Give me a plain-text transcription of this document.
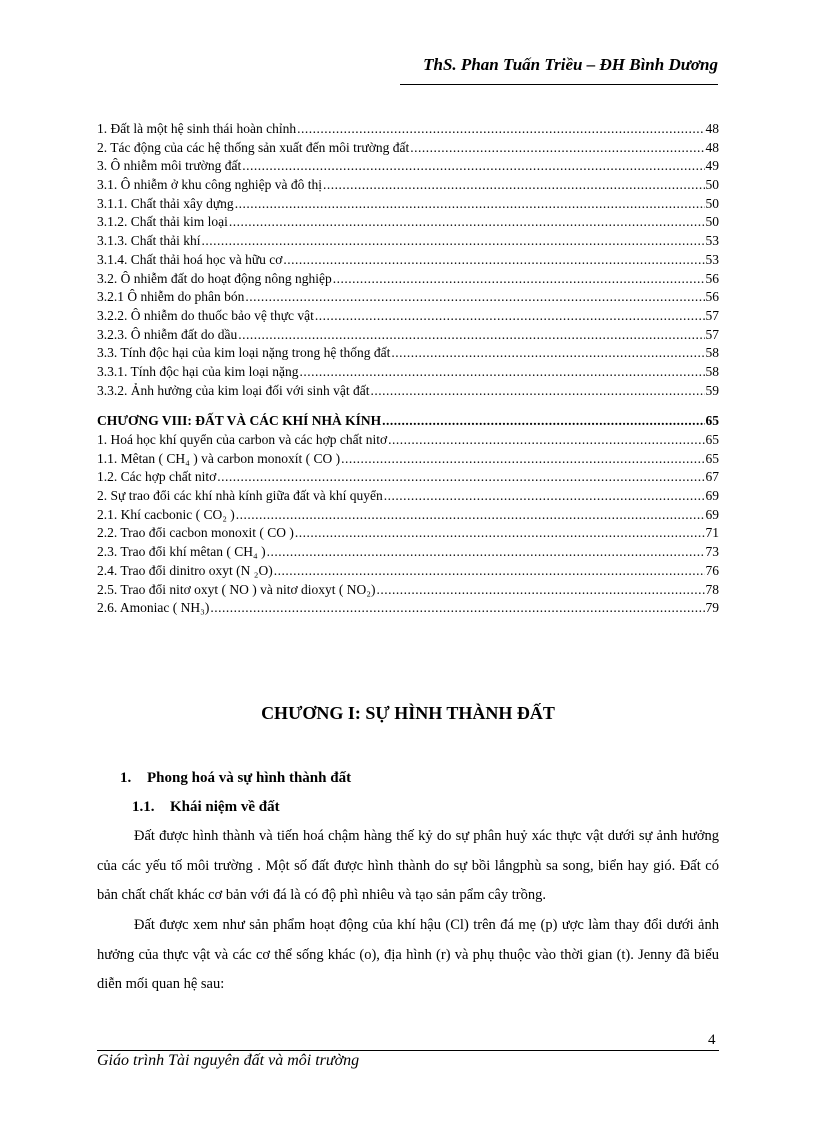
ThS. Phan Tuấn Triều – ĐH Bình Dương
1. Đất là một hệ sinh thái hoàn chỉnh .....	48
2. Tác động của các hệ thống sản xuất đến môi trường đất .....	48
3. Ô nhiễm môi trường đất .....	49
3.1. Ô nhiễm ở khu công nghiệp và đô thị .....	50
3.1.1. Chất thải xây dựng .....	50
3.1.2. Chất thải kim loại .....	50
3.1.3. Chất thải khí .....	53
3.1.4. Chất thải hoá học và hữu cơ .....	53
3.2. Ô nhiễm đất do hoạt động nông nghiệp .....	56
3.2.1 Ô nhiễm do phân bón .....	56
3.2.2. Ô nhiễm do thuốc bảo vệ thực vật .....	57
3.2.3. Ô nhiễm đất do dầu .....	57
3.3. Tính độc hại của kim loại nặng trong hệ thống đất .....	58
3.3.1. Tính độc hại của kim loại nặng .....	58
3.3.2. Ảnh hưởng của kim loại đối với sinh vật đất .....	59
CHƯƠNG VIII: ĐẤT VÀ CÁC KHÍ NHÀ KÍNH .....	65
1. Hoá học khí quyển của carbon và các hợp chất nitơ .....	65
1.1. Mêtan ( CH₄ ) và carbon monoxít ( CO ) .....	65
1.2. Các hợp chất nitơ .....	67
2. Sự trao đổi các khí nhà kính giữa đất và khí quyển .....	69
2.1. Khí cacbonic ( CO₂ ) .....	69
2.2. Trao đổi cacbon monoxit ( CO ) .....	71
2.3. Trao đổi khí mêtan ( CH₄ ) .....	73
2.4. Trao đổi dinitro oxyt (N ₂O) .....	76
2.5. Trao đổi nitơ oxyt ( NO ) và nitơ dioxyt ( NO₂) .....	78
2.6. Amoniac ( NH₃) .....	79
CHƯƠNG I: SỰ HÌNH THÀNH ĐẤT
1. Phong hoá và sự hình thành đất
1.1. Khái niệm về đất

Đất được hình thành và tiến hoá chậm hàng thế kỷ do sự phân huỷ xác thực vật dưới sự ảnh hưởng của các yếu tố môi trường . Một số đất được hình thành do sự bồi lắngphù sa song, biển hay gió. Đất có bản chất chất khác cơ bản với đá là có độ phì nhiêu và tạo sản pẩm cây trồng.

Đất được xem như sản phẩm hoạt động của khí hậu (Cl) trên đá mẹ (p) ược làm thay đổi dưới ảnh hưởng của thực vật và các cơ thể sống khác (o), địa hình (r) và phụ thuộc vào thời gian (t). Jenny đã biểu diễn mối quan hệ sau:

4
Giáo trình Tài nguyên đất và môi trường
